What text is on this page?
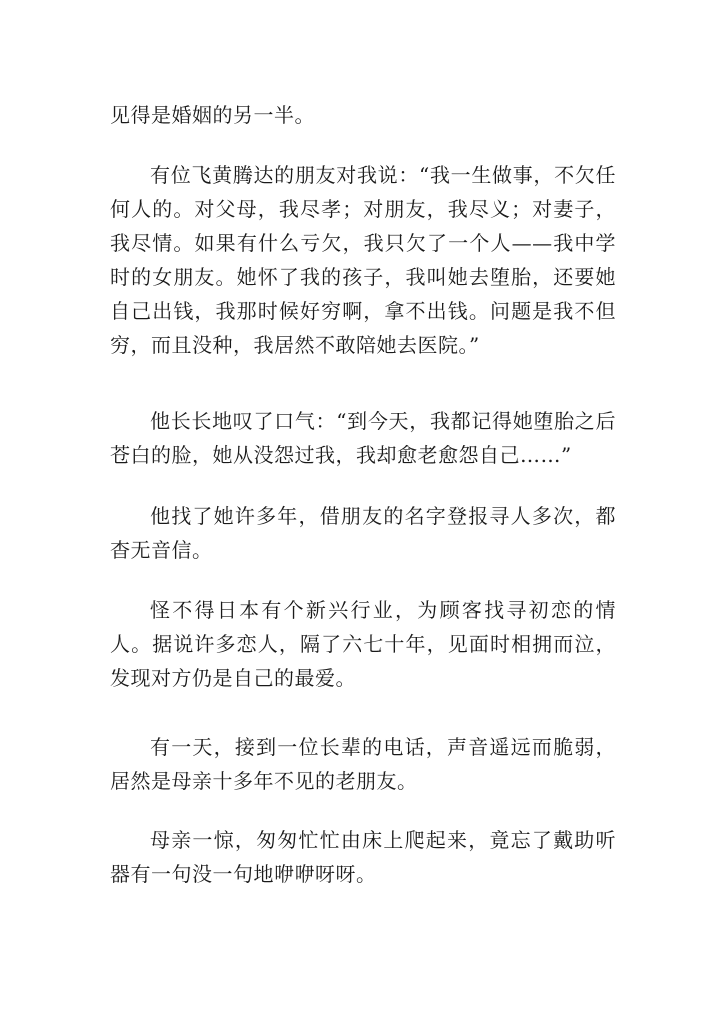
见得是婚姻的另一半。

有位飞黄腾达的朋友对我说：“我一生做事，不欠任何人的。对父母，我尽孝；对朋友，我尽义；对妻子，我尽情。如果有什么亏欠，我只欠了一个人——我中学时的女朋友。她怀了我的孩子，我叫她去堕胎，还要她自己出钱，我那时候好穷啊，拿不出钱。问题是我不但穷，而且没种，我居然不敢陪她去医院。”

他长长地叹了口气：“到今天，我都记得她堕胎之后苍白的脸，她从没怨过我，我却愈老愈怨自己……”

他找了她许多年，借朋友的名字登报寻人多次，都杳无音信。

怪不得日本有个新兴行业，为顾客找寻初恋的情人。据说许多恋人，隔了六七十年，见面时相拥而泣，发现对方仍是自己的最爱。

有一天，接到一位长辈的电话，声音遥远而脆弱，居然是母亲十多年不见的老朋友。

母亲一惊，匆匆忙忙由床上爬起来，竟忘了戴助听器有一句没一句地咿咿呀呀。
